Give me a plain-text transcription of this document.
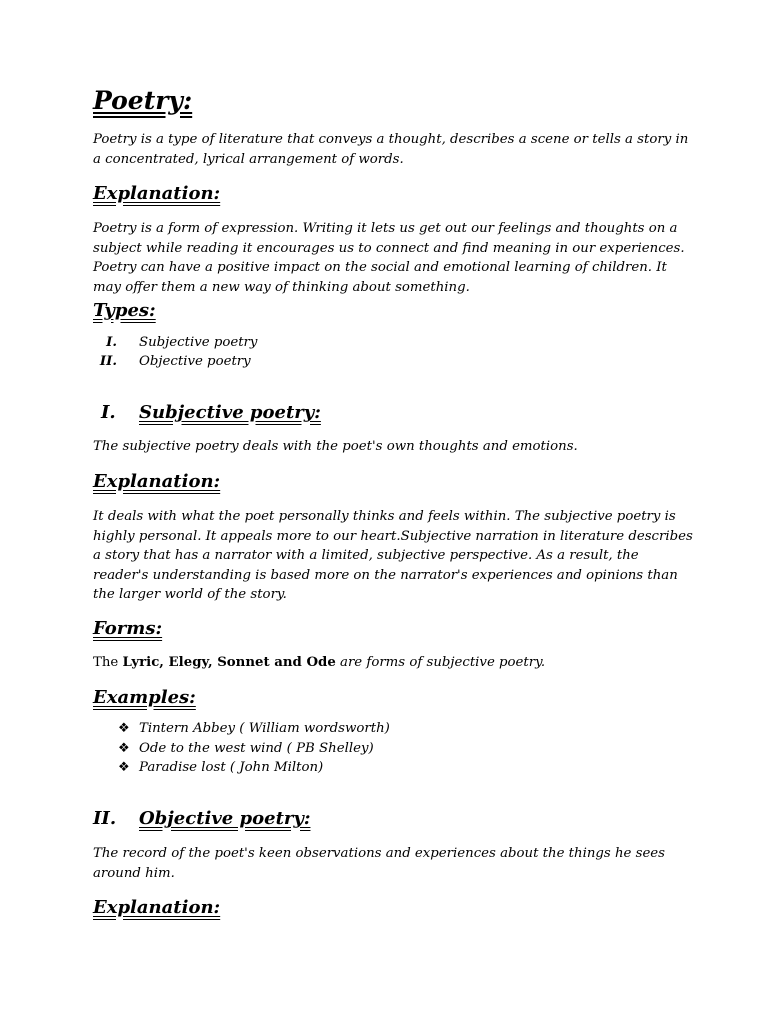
Poetry:

Poetry is a type of literature that conveys a thought, describes a scene or tells a story in a concentrated, lyrical arrangement of words.

Explanation:

Poetry is a form of expression. Writing it lets us get out our feelings and thoughts on a subject while reading it encourages us to connect and find meaning in our experiences. Poetry can have a positive impact on the social and emotional learning of children. It may offer them a new way of thinking about something.

Types:
I. Subjective poetry
II. Objective poetry
I. Subjective poetry:

The subjective poetry deals with the poet's own thoughts and emotions.

Explanation:

It deals with what the poet personally thinks and feels within. The subjective poetry is highly personal. It appeals more to our heart.Subjective narration in literature describes a story that has a narrator with a limited, subjective perspective. As a result, the reader's understanding is based more on the narrator's experiences and opinions than the larger world of the story.

Forms:

The Lyric, Elegy, Sonnet and Ode are forms of subjective poetry.

Examples:
❖ Tintern Abbey ( William wordsworth)
❖ Ode to the west wind ( PB Shelley)
❖ Paradise lost ( John Milton)
II. Objective poetry:

The record of the poet's keen observations and experiences about the things he sees around him.

Explanation:
